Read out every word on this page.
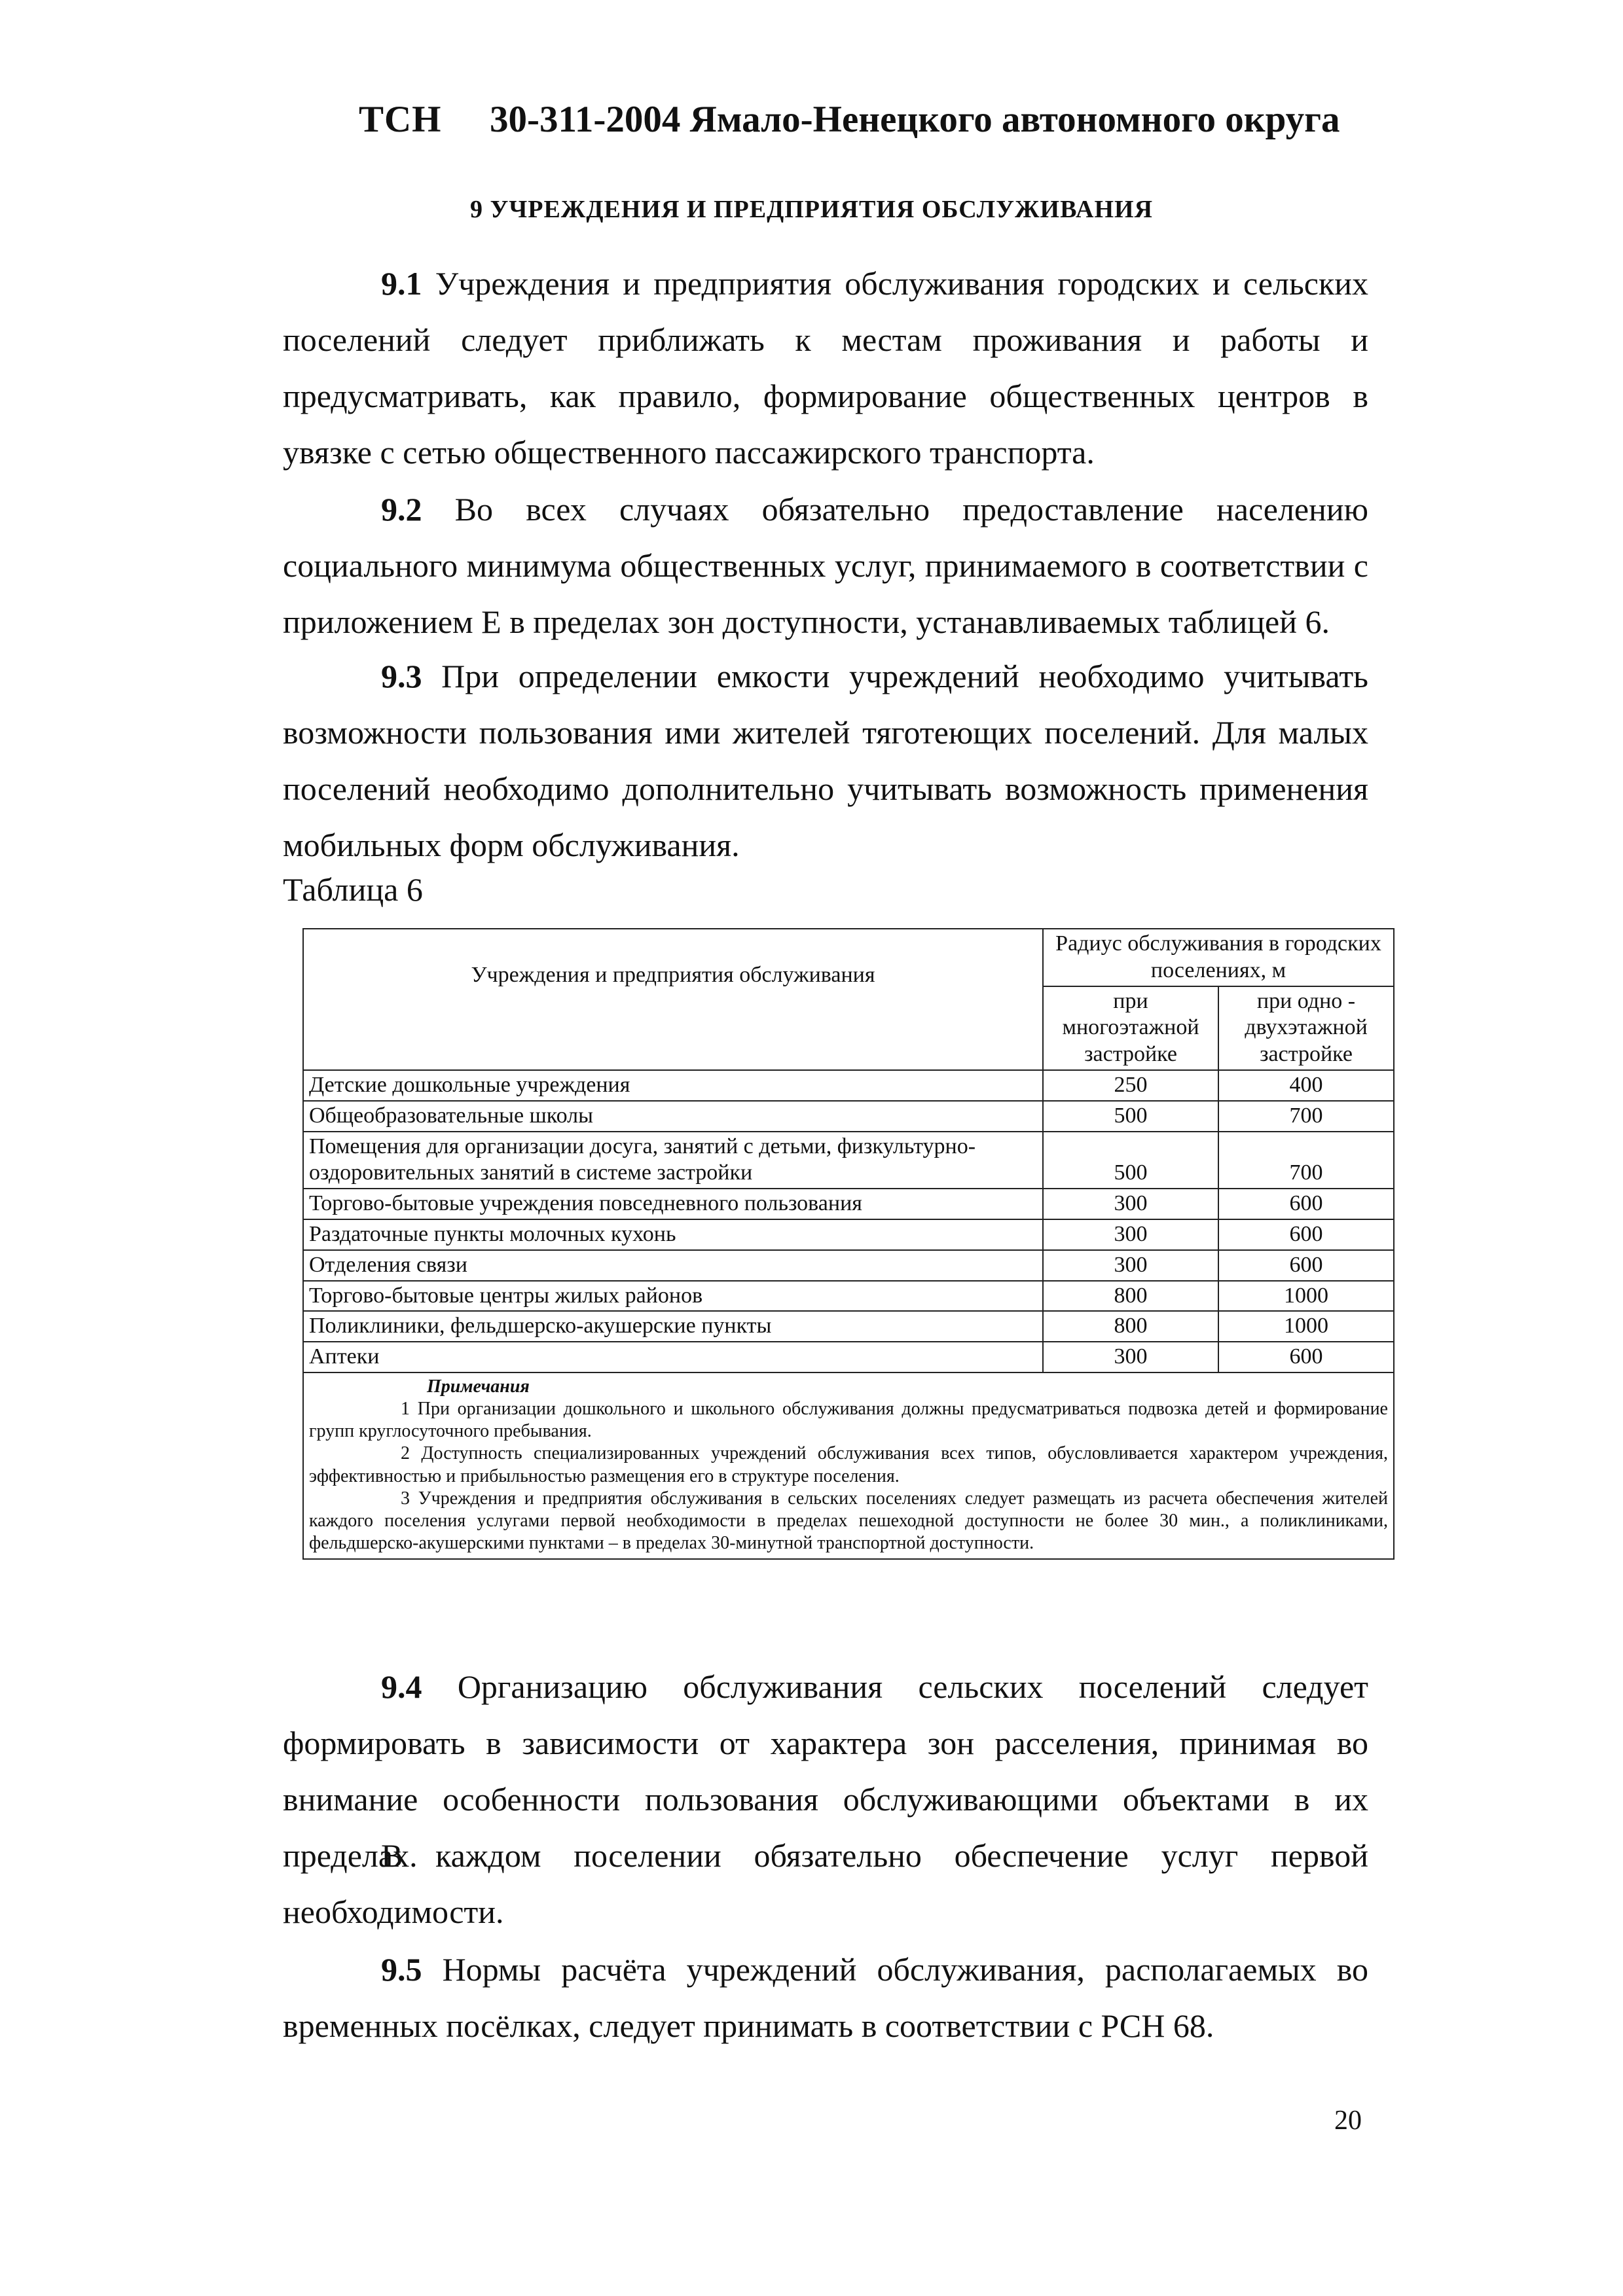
ТСН 30-311-2004 Ямало-Ненецкого автономного округа
9 УЧРЕЖДЕНИЯ И ПРЕДПРИЯТИЯ ОБСЛУЖИВАНИЯ

9.1 Учреждения и предприятия обслуживания городских и сельских поселений следует приближать к местам проживания и работы и предусматривать, как правило, формирование общественных центров в увязке с сетью общественного пассажирского транспорта.

9.2 Во всех случаях обязательно предоставление населению социального минимума общественных услуг, принимаемого в соответствии с приложением Е в пределах зон доступности, устанавливаемых таблицей 6.

9.3 При определении емкости учреждений необходимо учитывать возможности пользования ими жителей тяготеющих поселений. Для малых поселений необходимо дополнительно учитывать возможность применения мобильных форм обслуживания.

Таблица 6
Учреждения и предприятия обслуживания	Радиус обслуживания в городских поселениях, м	
	при многоэтажной застройке	при одно - двухэтажной застройке
Детские дошкольные учреждения	250	400
Общеобразовательные школы	500	700
Помещения для организации досуга, занятий с детьми, физкультурно-оздоровительных занятий в системе застройки	500	700
Торгово-бытовые учреждения повседневного пользования	300	600
Раздаточные пункты молочных кухонь	300	600
Отделения связи	300	600
Торгово-бытовые центры жилых районов	800	1000
Поликлиники, фельдшерско-акушерские пункты	800	1000
Аптеки	300	600

Примечания
1 При организации дошкольного и школьного обслуживания должны предусматриваться подвозка детей и формирование групп круглосуточного пребывания.
2 Доступность специализированных учреждений обслуживания всех типов, обусловливается характером учреждения, эффективностью и прибыльностью размещения его в структуре поселения.
3 Учреждения и предприятия обслуживания в сельских поселениях следует размещать из расчета обеспечения жителей каждого поселения услугами первой необходимости в пределах пешеходной доступности не более 30 мин., а поликлиниками, фельдшерско-акушерскими пунктами – в пределах 30-минутной транспортной доступности.		

9.4 Организацию обслуживания сельских поселений следует формировать в зависимости от характера зон расселения, принимая во внимание особенности пользования обслуживающими объектами в их пределах.

В каждом поселении обязательно обеспечение услуг первой необходимости.

9.5 Нормы расчёта учреждений обслуживания, располагаемых во временных посёлках, следует принимать в соответствии с РСН 68.

20
